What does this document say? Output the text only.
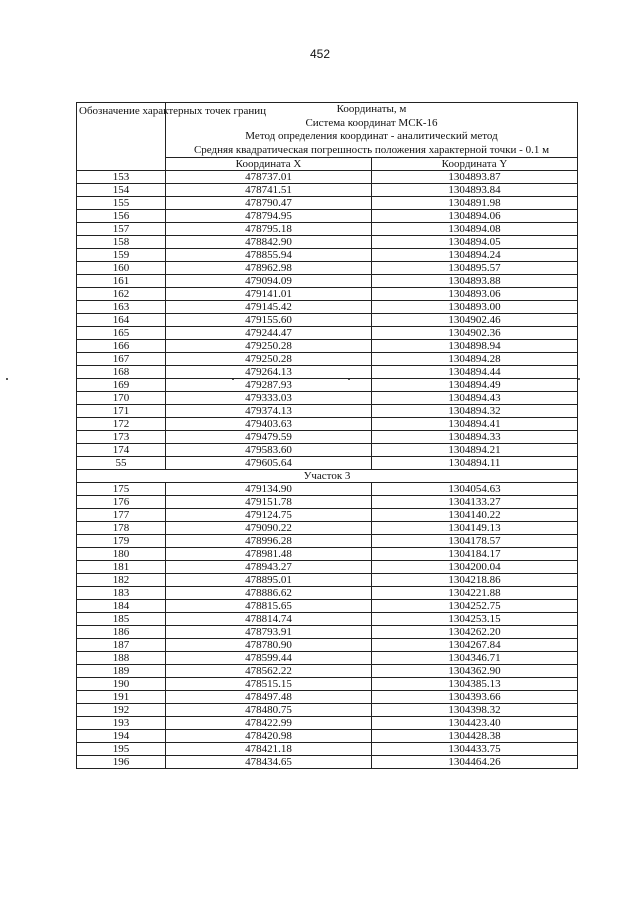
452
Обозначение характерных точек границ	Координаты, м
Система координат МСК-16
Метод определения координат - аналитический метод
Средняя квадратическая погрешность положения характерной точки - 0.1 м	

	Координата X	Координата Y
153	478737.01	1304893.87
154	478741.51	1304893.84
155	478790.47	1304891.98
156	478794.95	1304894.06
157	478795.18	1304894.08
158	478842.90	1304894.05
159	478855.94	1304894.24
160	478962.98	1304895.57
161	479094.09	1304893.88
162	479141.01	1304893.06
163	479145.42	1304893.00
164	479155.60	1304902.46
165	479244.47	1304902.36
166	479250.28	1304898.94
167	479250.28	1304894.28
168	479264.13	1304894.44
169	479287.93	1304894.49
170	479333.03	1304894.43
171	479374.13	1304894.32
172	479403.63	1304894.41
173	479479.59	1304894.33
174	479583.60	1304894.21
55	479605.64	1304894.11
Участок 3		
175	479134.90	1304054.63
176	479151.78	1304133.27
177	479124.75	1304140.22
178	479090.22	1304149.13
179	478996.28	1304178.57
180	478981.48	1304184.17
181	478943.27	1304200.04
182	478895.01	1304218.86
183	478886.62	1304221.88
184	478815.65	1304252.75
185	478814.74	1304253.15
186	478793.91	1304262.20
187	478780.90	1304267.84
188	478599.44	1304346.71
189	478562.22	1304362.90
190	478515.15	1304385.13
191	478497.48	1304393.66
192	478480.75	1304398.32
193	478422.99	1304423.40
194	478420.98	1304428.38
195	478421.18	1304433.75
196	478434.65	1304464.26
